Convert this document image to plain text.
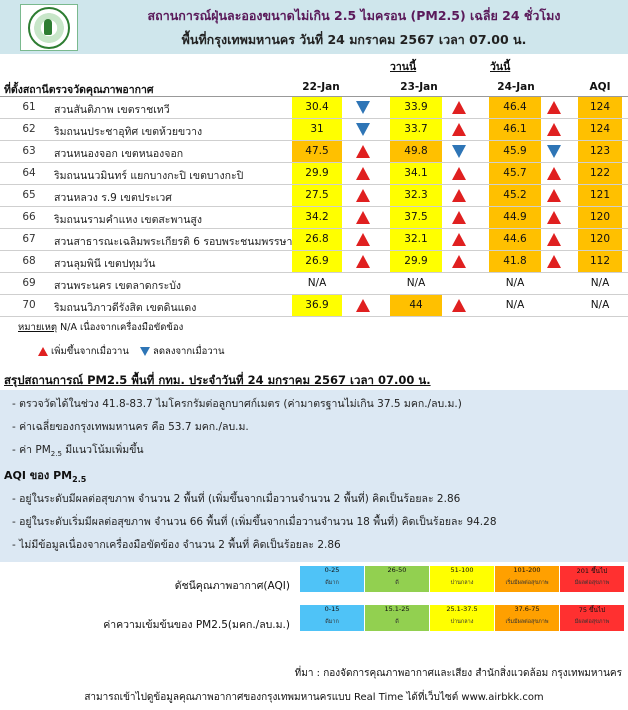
สถานการณ์ฝุ่นละอองขนาดไม่เกิน 2.5 ไมครอน (PM2.5) เฉลี่ย 24 ชั่วโมง
พื้นที่กรุงเทพมหานคร วันที่ 24 มกราคม 2567 เวลา 07.00 น.
วานนี้	วันนี้
ที่ตั้งสถานีตรวจวัดคุณภาพอากาศ	22-Jan	23-Jan	24-Jan	AQI
61	สวนสันติภาพ เขตราชเทวี	30.4	33.9	46.4	124
62	ริมถนนประชาอุทิศ เขตห้วยขวาง	31	33.7	46.1	124
63	สวนหนองจอก เขตหนองจอก	47.5	49.8	45.9	123
64	ริมถนนนวมินทร์ แยกบางกะปิ เขตบางกะปิ	29.9	34.1	45.7	122
65	สวนหลวง ร.9 เขตประเวศ	27.5	32.3	45.2	121
66	ริมถนนรามคำแหง เขตสะพานสูง	34.2	37.5	44.9	120
67	สวนสาธารณะเฉลิมพระเกียรติ 6 รอบพระชนมพรรษา	26.8	32.1	44.6	120
68	สวนลุมพินี เขตปทุมวัน	26.9	29.9	41.8	112
69	สวนพระนคร เขตลาดกระบัง	N/A	N/A	N/A	N/A
70	ริมถนนวิภาวดีรังสิต เขตดินแดง	36.9	44	N/A	N/A
หมายเหตุ N/A เนื่องจากเครื่องมือขัดข้อง
เพิ่มขึ้นจากเมื่อวาน	ลดลงจากเมื่อวาน
สรุปสถานการณ์ PM2.5 พื้นที่ กทม. ประจำวันที่ 24 มกราคม 2567 เวลา 07.00 น.
- ตรวจวัดได้ในช่วง 41.8-83.7 ไมโครกรัมต่อลูกบาศก์เมตร (ค่ามาตรฐานไม่เกิน 37.5 มคก./ลบ.ม.)
- ค่าเฉลี่ยของกรุงเทพมหานคร คือ 53.7 มคก./ลบ.ม.
- ค่า $PM_{2.5}$ มีแนวโน้มเพิ่มขึ้น
AQI ของ $PM_{2.5}$
- อยู่ในระดับมีผลต่อสุขภาพ จำนวน 2 พื้นที่ (เพิ่มขึ้นจากเมื่อวานจำนวน 2 พื้นที่) คิดเป็นร้อยละ 2.86
- อยู่ในระดับเริ่มมีผลต่อสุขภาพ จำนวน 66 พื้นที่ (เพิ่มขึ้นจากเมื่อวานจำนวน 18 พื้นที่) คิดเป็นร้อยละ 94.28
- ไม่มีข้อมูลเนื่องจากเครื่องมือขัดข้อง จำนวน 2 พื้นที่ คิดเป็นร้อยละ 2.86
ดัชนีคุณภาพอากาศ(AQI)
0-25
ดีมาก
26-50
ดี
51-100
ปานกลาง
101-200
เริ่มมีผลต่อสุขภาพ
201 ขึ้นไป
มีผลต่อสุขภาพ
ค่าความเข้มข้นของ PM2.5(มคก./ลบ.ม.)
0-15
ดีมาก
15.1-25
ดี
25.1-37.5
ปานกลาง
37.6-75
เริ่มมีผลต่อสุขภาพ
75 ขึ้นไป
มีผลต่อสุขภาพ
ที่มา : กองจัดการคุณภาพอากาศและเสียง สำนักสิ่งแวดล้อม กรุงเทพมหานคร
สามารถเข้าไปดูข้อมูลคุณภาพอากาศของกรุงเทพมหานครแบบ Real Time ได้ที่เว็บไซต์ www.airbkk.com
